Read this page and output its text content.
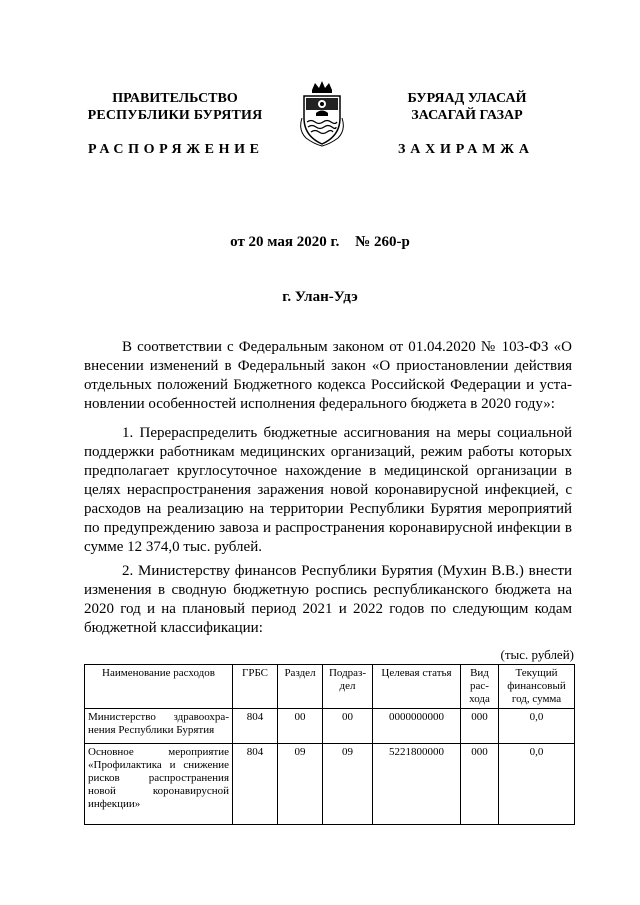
ПРАВИТЕЛЬСТВО
РЕСПУБЛИКИ БУРЯТИЯ
БУРЯАД УЛАСАЙ
ЗАСАГАЙ ГАЗАР
РАСПОРЯЖЕНИЕ	ЗАХИРАМЖА
от 20 мая 2020 г. № 260-р
г. Улан-Удэ
В соответствии с Федеральным законом от 01.04.2020 № 103-ФЗ «О внесении изменений в Федеральный закон «О приостановлении действия отдельных положений Бюджетного кодекса Российской Федерации и установлении особенностей исполнения федерального бюджета в 2020 году»:
1. Перераспределить бюджетные ассигнования на меры социальной поддержки работникам медицинских организаций, режим работы которых предполагает круглосуточное нахождение в медицинской организации в целях нераспространения заражения новой коронавирусной инфекцией, с расходов на реализацию на территории Республики Бурятия мероприятий по предупреждению завоза и распространения коронавирусной инфекции в сумме 12 374,0 тыс. рублей.
2. Министерству финансов Республики Бурятия (Мухин В.В.) внести изменения в сводную бюджетную роспись республиканского бюджета на 2020 год и на плановый период 2021 и 2022 годов по следующим кодам бюджетной классификации:
(тыс. рублей)
Наименование расходов	ГРБС	Раздел	Подраздел	Целевая статья	Вид расхода	Текущий финансовый год, сумма
Министерство здравоохранения Республики Бурятия	804	00	00	0000000000	000	0,0
Основное мероприятие «Профилактика и снижение рисков распространения новой коронавирусной инфекции»	804	09	09	5221800000	000	0,0
